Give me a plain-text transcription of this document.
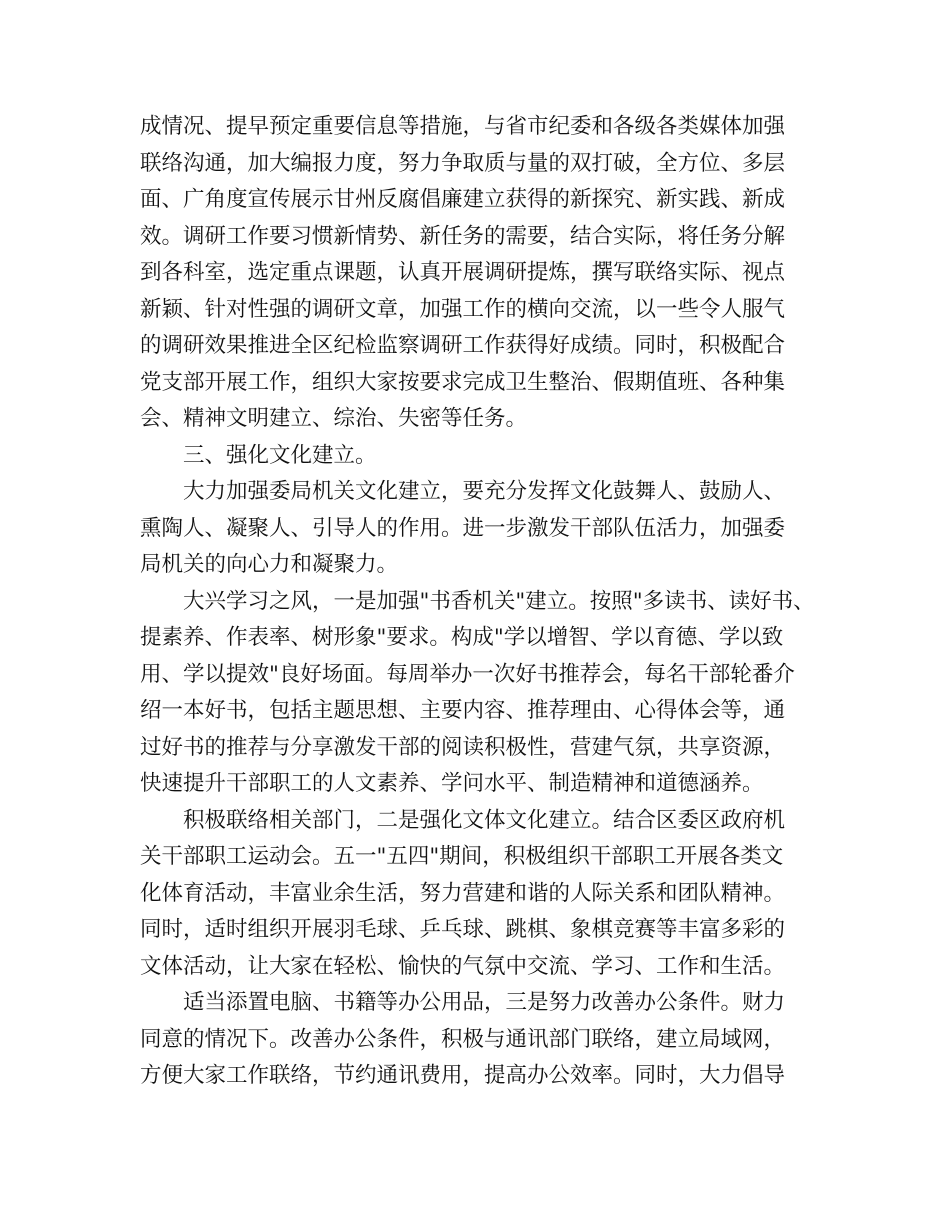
成情况、提早预定重要信息等措施，与省市纪委和各级各类媒体加强
联络沟通，加大编报力度，努力争取质与量的双打破，全方位、多层
面、广角度宣传展示甘州反腐倡廉建立获得的新探究、新实践、新成
效。调研工作要习惯新情势、新任务的需要，结合实际，将任务分解
到各科室，选定重点课题，认真开展调研提炼，撰写联络实际、视点
新颖、针对性强的调研文章，加强工作的横向交流，以一些令人服气
的调研效果推进全区纪检监察调研工作获得好成绩。同时，积极配合
党支部开展工作，组织大家按要求完成卫生整治、假期值班、各种集
会、精神文明建立、综治、失密等任务。
三、强化文化建立。
大力加强委局机关文化建立，要充分发挥文化鼓舞人、鼓励人、
熏陶人、凝聚人、引导人的作用。进一步激发干部队伍活力，加强委
局机关的向心力和凝聚力。
大兴学习之风，一是加强"书香机关"建立。按照"多读书、读好书、
提素养、作表率、树形象"要求。构成"学以增智、学以育德、学以致
用、学以提效"良好场面。每周举办一次好书推荐会，每名干部轮番介
绍一本好书，包括主题思想、主要内容、推荐理由、心得体会等，通
过好书的推荐与分享激发干部的阅读积极性，营建气氛，共享资源，
快速提升干部职工的人文素养、学问水平、制造精神和道德涵养。
积极联络相关部门，二是强化文体文化建立。结合区委区政府机
关干部职工运动会。五一"五四"期间，积极组织干部职工开展各类文
化体育活动，丰富业余生活，努力营建和谐的人际关系和团队精神。
同时，适时组织开展羽毛球、乒乓球、跳棋、象棋竞赛等丰富多彩的
文体活动，让大家在轻松、愉快的气氛中交流、学习、工作和生活。
适当添置电脑、书籍等办公用品，三是努力改善办公条件。财力
同意的情况下。改善办公条件，积极与通讯部门联络，建立局域网，
方便大家工作联络，节约通讯费用，提高办公效率。同时，大力倡导
